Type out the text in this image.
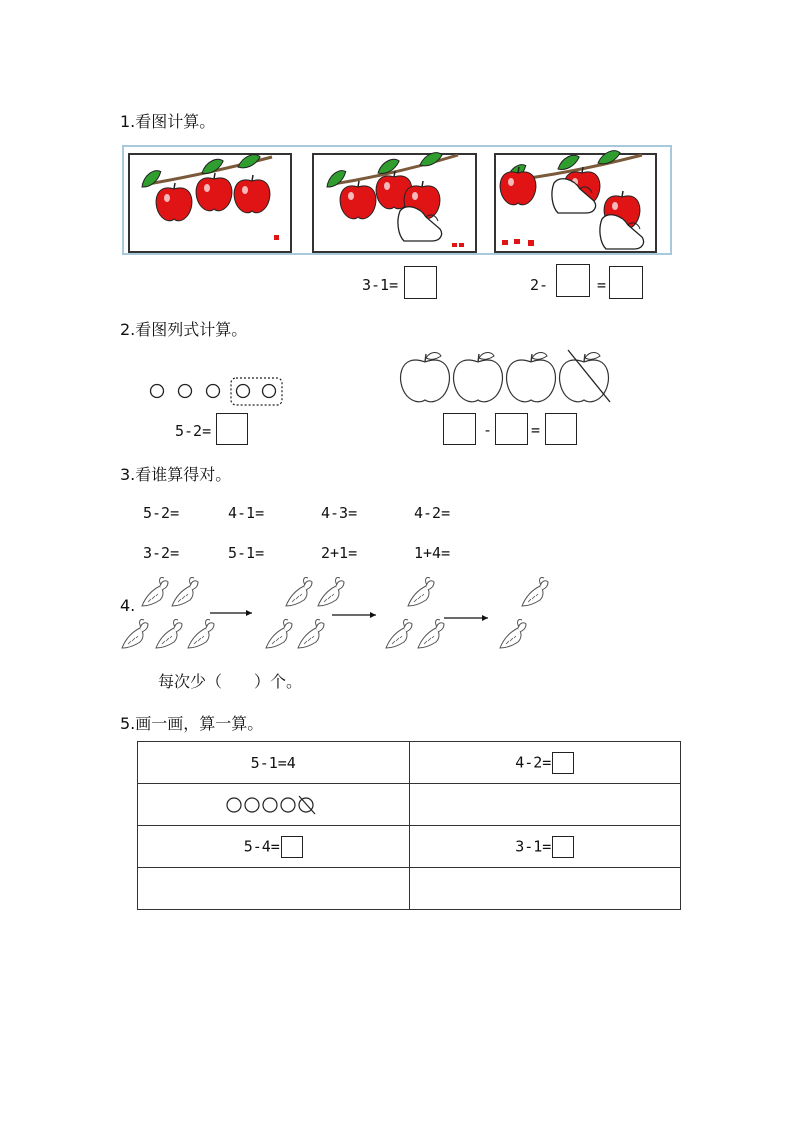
1.看图计算。
3-1=	2-	=
2.看图列式计算。
5-2=	-	=
3.看谁算得对。
5-2=	4-1=	4-3=	4-2=
3-2=	5-1=	2+1=	1+4=
4.
每次少（　　）个。
5.画一画，算一算。
5-1=4	4-2=

5-4=	3-1=
